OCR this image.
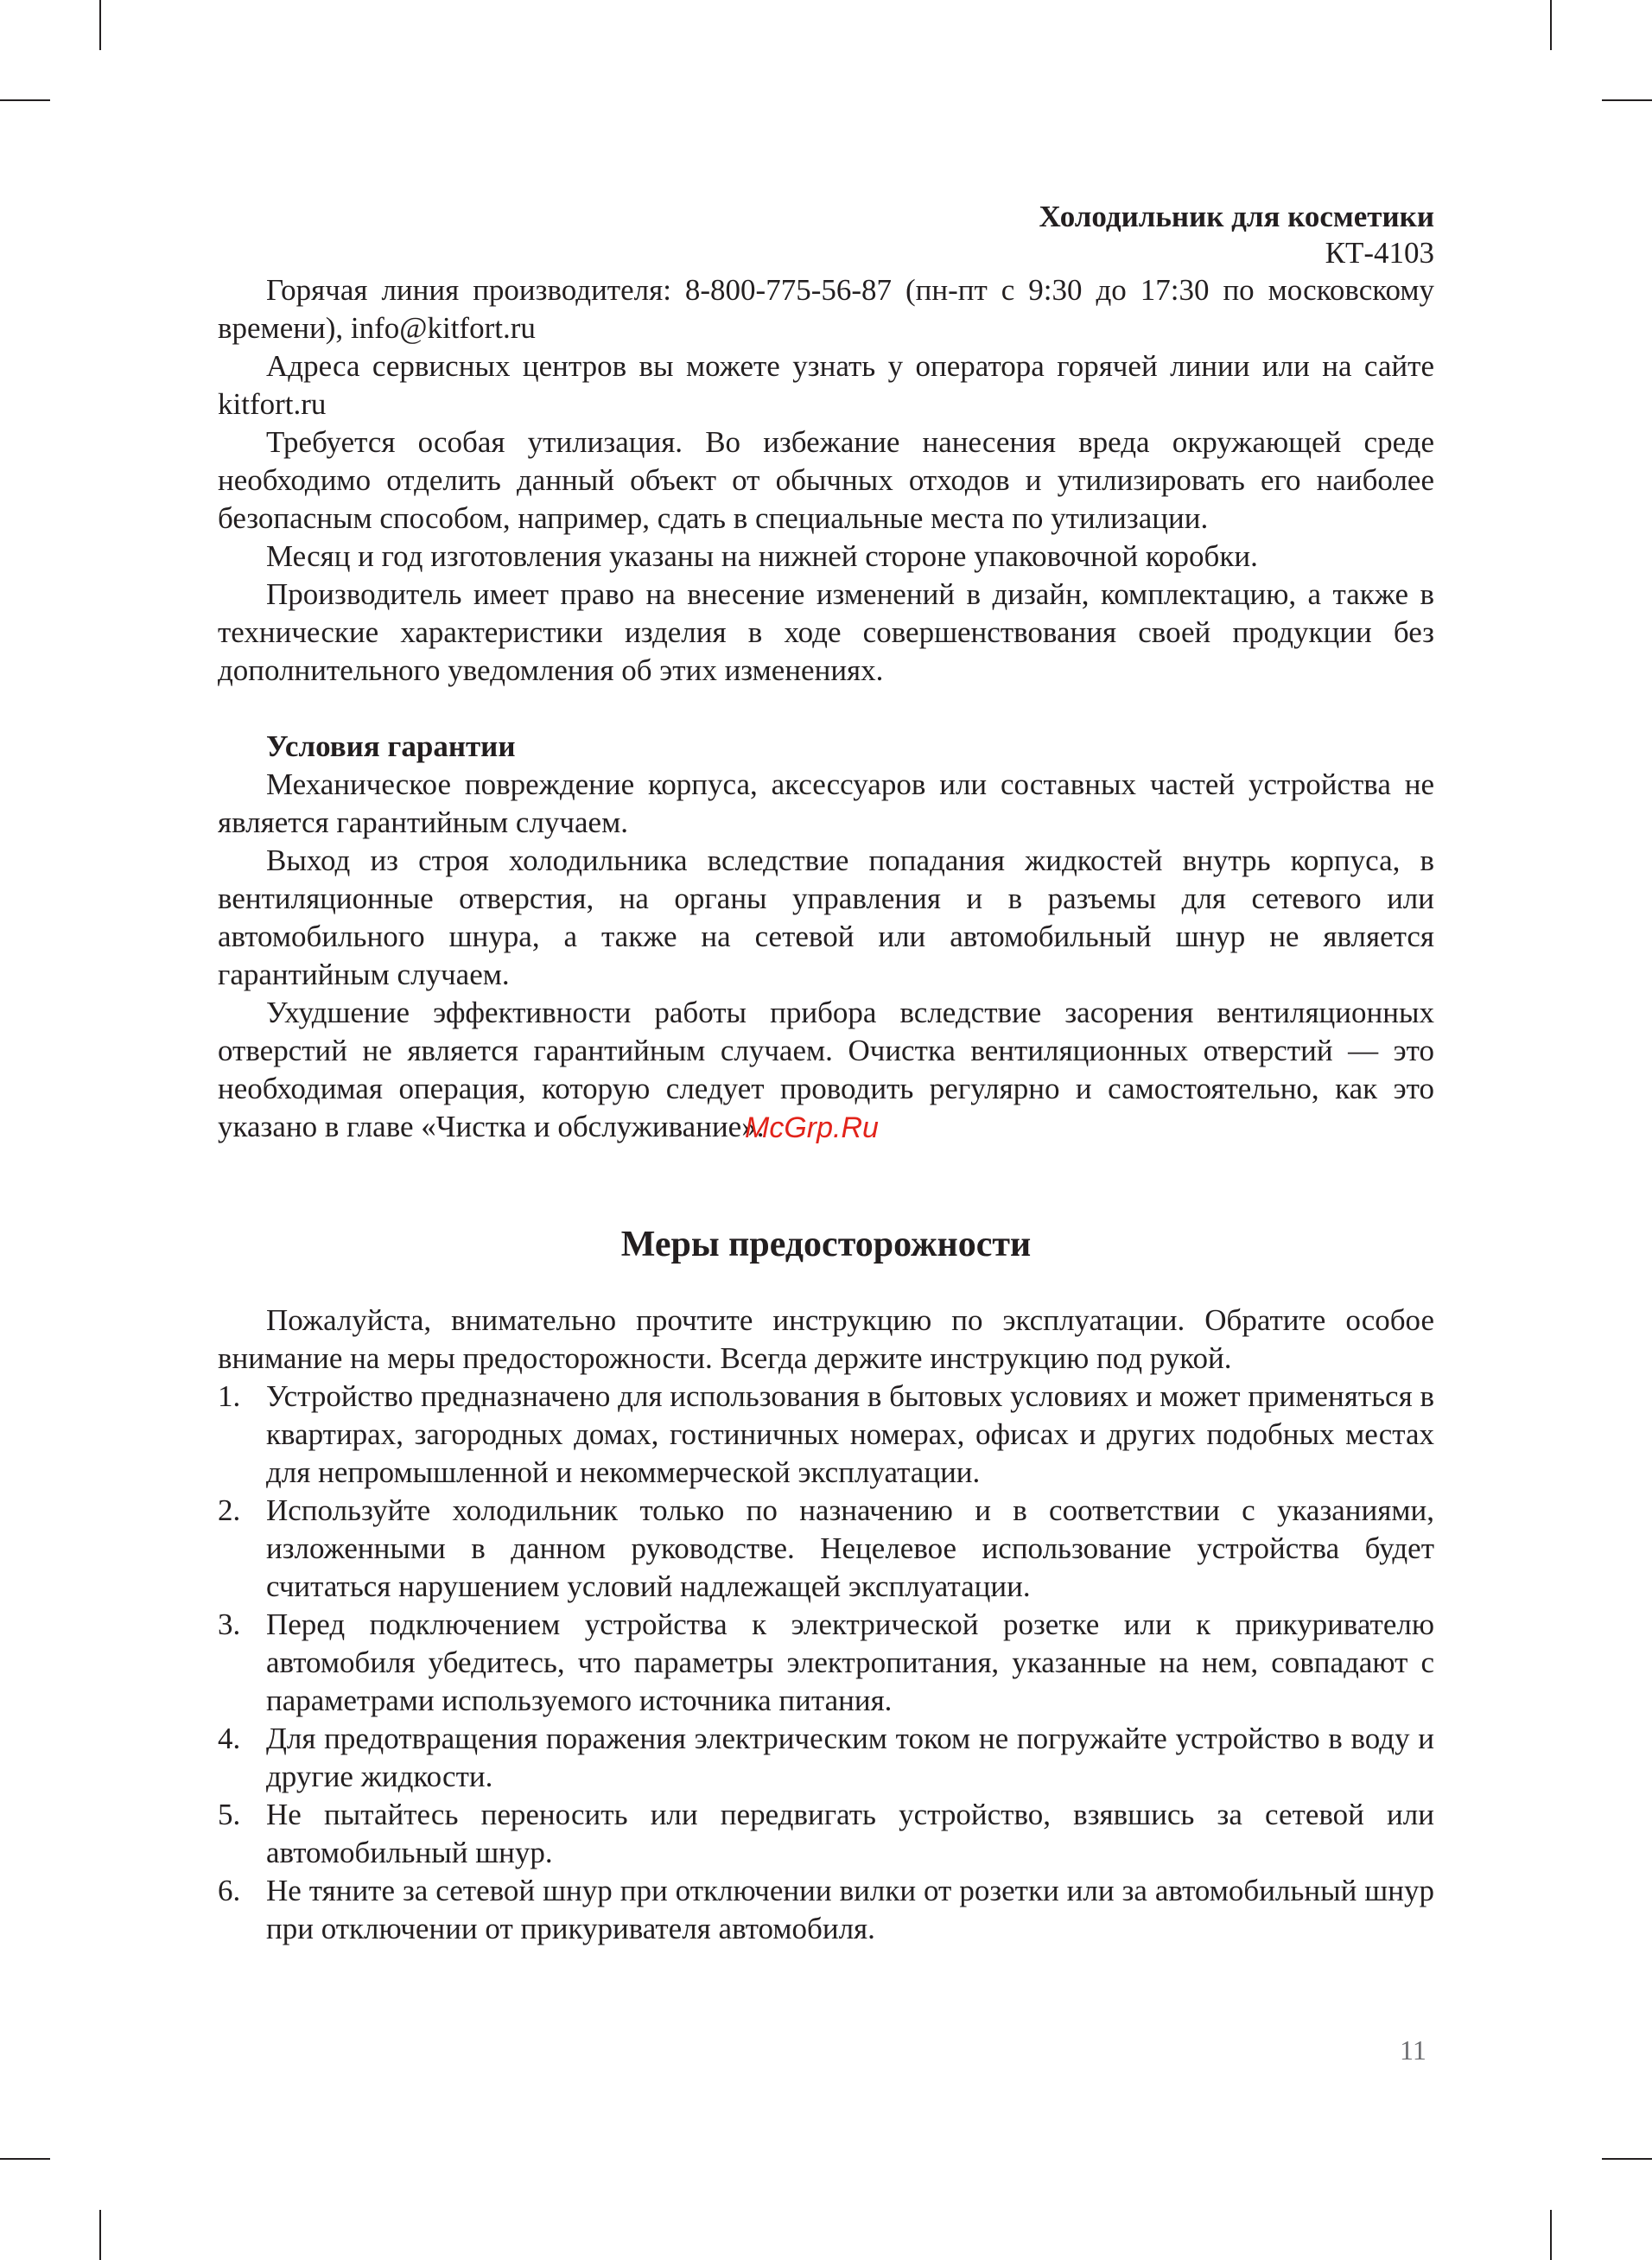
Холодильник для косметики
КТ-4103

Горячая линия производителя: 8-800-775-56-87 (пн-пт с 9:30 до 17:30 по московскому времени), info@kitfort.ru

Адреса сервисных центров вы можете узнать у оператора горячей линии или на сайте kitfort.ru

Требуется особая утилизация. Во избежание нанесения вреда окружающей среде необходимо отделить данный объект от обычных отходов и утилизировать его наиболее безопасным способом, например, сдать в специальные места по утилизации.

Месяц и год изготовления указаны на нижней стороне упаковочной коробки.

Производитель имеет право на внесение изменений в дизайн, комплектацию, а также в технические характеристики изделия в ходе совершенствования своей продукции без дополнительного уведомления об этих изменениях.

Условия гарантии

Механическое повреждение корпуса, аксессуаров или составных частей устройства не является гарантийным случаем.

Выход из строя холодильника вследствие попадания жидкостей внутрь корпуса, в вентиляционные отверстия, на органы управления и в разъемы для сетевого или автомобильного шнура, а также на сетевой или автомобильный шнур не является гарантийным случаем.

Ухудшение эффективности работы прибора вследствие засорения вентиляционных отверстий не является гарантийным случаем. Очистка вентиляционных отверстий — это необходимая операция, которую следует проводить регулярно и самостоятельно, как это указано в главе «Чистка и обслуживание».

Меры предосторожности

Пожалуйста, внимательно прочтите инструкцию по эксплуатации. Обратите особое внимание на меры предосторожности. Всегда держите инструкцию под рукой.

1. Устройство предназначено для использования в бытовых условиях и может применяться в квартирах, загородных домах, гостиничных номерах, офисах и других подобных местах для непромышленной и некоммерческой эксплуатации.
2. Используйте холодильник только по назначению и в соответствии с указаниями, изложенными в данном руководстве. Нецелевое использование устройства будет считаться нарушением условий надлежащей эксплуатации.
3. Перед подключением устройства к электрической розетке или к прикуривателю автомобиля убедитесь, что параметры электропитания, указанные на нем, совпадают с параметрами используемого источника питания.
4. Для предотвращения поражения электрическим током не погружайте устройство в воду и другие жидкости.
5. Не пытайтесь переносить или передвигать устройство, взявшись за сетевой или автомобильный шнур.
6. Не тяните за сетевой шнур при отключении вилки от розетки или за автомобильный шнур при отключении от прикуривателя автомобиля.
McGrp.Ru
11
